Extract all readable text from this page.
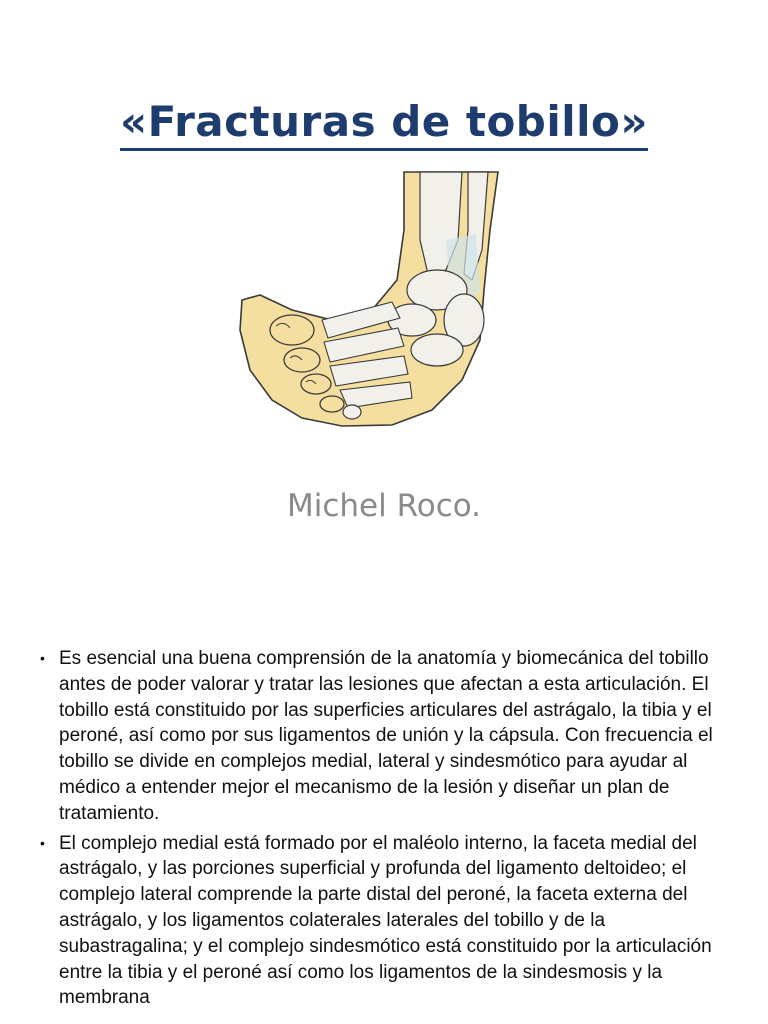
«Fracturas de tobillo»
Michel Roco.
• Es esencial una buena comprensión de la anatomía y biomecánica del tobillo antes de poder valorar y tratar las lesiones que afectan a esta articulación. El tobillo está constituido por las superficies articulares del astrágalo, la tibia y el peroné, así como por sus ligamentos de unión y la cápsula. Con frecuencia el tobillo se divide en complejos medial, lateral y sindesmótico para ayudar al médico a entender mejor el mecanismo de la lesión y diseñar un plan de tratamiento.
• El complejo medial está formado por el maléolo interno, la faceta medial del astrágalo, y las porciones superficial y profunda del ligamento deltoideo; el complejo lateral comprende la parte distal del peroné, la faceta externa del astrágalo, y los ligamentos colaterales laterales del tobillo y de la subastragalina; y el complejo sindesmótico está constituido por la articulación entre la tibia y el peroné así como los ligamentos de la sindesmosis y la membrana
